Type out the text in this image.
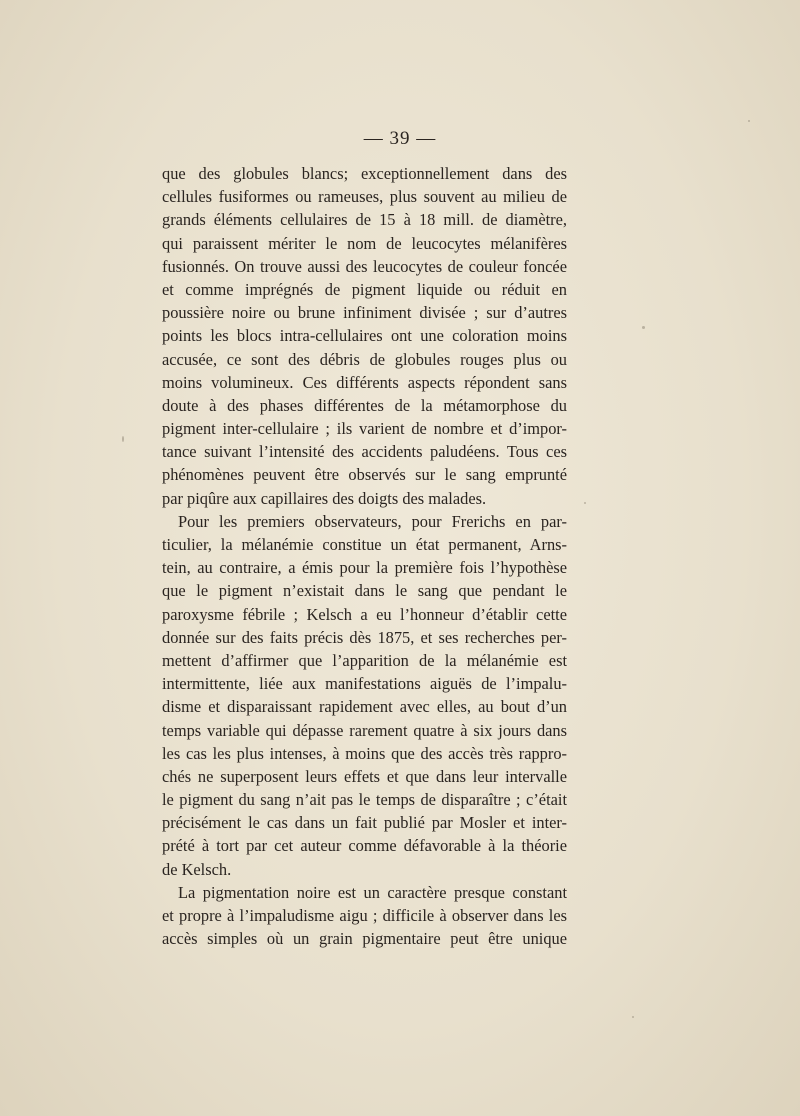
— 39 —
que des globules blancs; exceptionnellement dans des
cellules fusiformes ou rameuses, plus souvent au milieu de
grands éléments cellulaires de 15 à 18 mill. de diamètre,
qui paraissent mériter le nom de leucocytes mélanifères
fusionnés. On trouve aussi des leucocytes de couleur foncée
et comme imprégnés de pigment liquide ou réduit en
poussière noire ou brune infiniment divisée ; sur d’autres
points les blocs intra-cellulaires ont une coloration moins
accusée, ce sont des débris de globules rouges plus ou
moins volumineux. Ces différents aspects répondent sans
doute à des phases différentes de la métamorphose du
pigment inter-cellulaire ; ils varient de nombre et d’impor-
tance suivant l’intensité des accidents paludéens. Tous ces
phénomènes peuvent être observés sur le sang emprunté
par piqûre aux capillaires des doigts des malades.
Pour les premiers observateurs, pour Frerichs en par-
ticulier, la mélanémie constitue un état permanent, Arns-
tein, au contraire, a émis pour la première fois l’hypothèse
que le pigment n’existait dans le sang que pendant le
paroxysme fébrile ; Kelsch a eu l’honneur d’établir cette
donnée sur des faits précis dès 1875, et ses recherches per-
mettent d’affirmer que l’apparition de la mélanémie est
intermittente, liée aux manifestations aiguës de l’impalu-
disme et disparaissant rapidement avec elles, au bout d’un
temps variable qui dépasse rarement quatre à six jours dans
les cas les plus intenses, à moins que des accès très rappro-
chés ne superposent leurs effets et que dans leur intervalle
le pigment du sang n’ait pas le temps de disparaître ; c’était
précisément le cas dans un fait publié par Mosler et inter-
prété à tort par cet auteur comme défavorable à la théorie
de Kelsch.
La pigmentation noire est un caractère presque constant
et propre à l’impaludisme aigu ; difficile à observer dans les
accès simples où un grain pigmentaire peut être unique
